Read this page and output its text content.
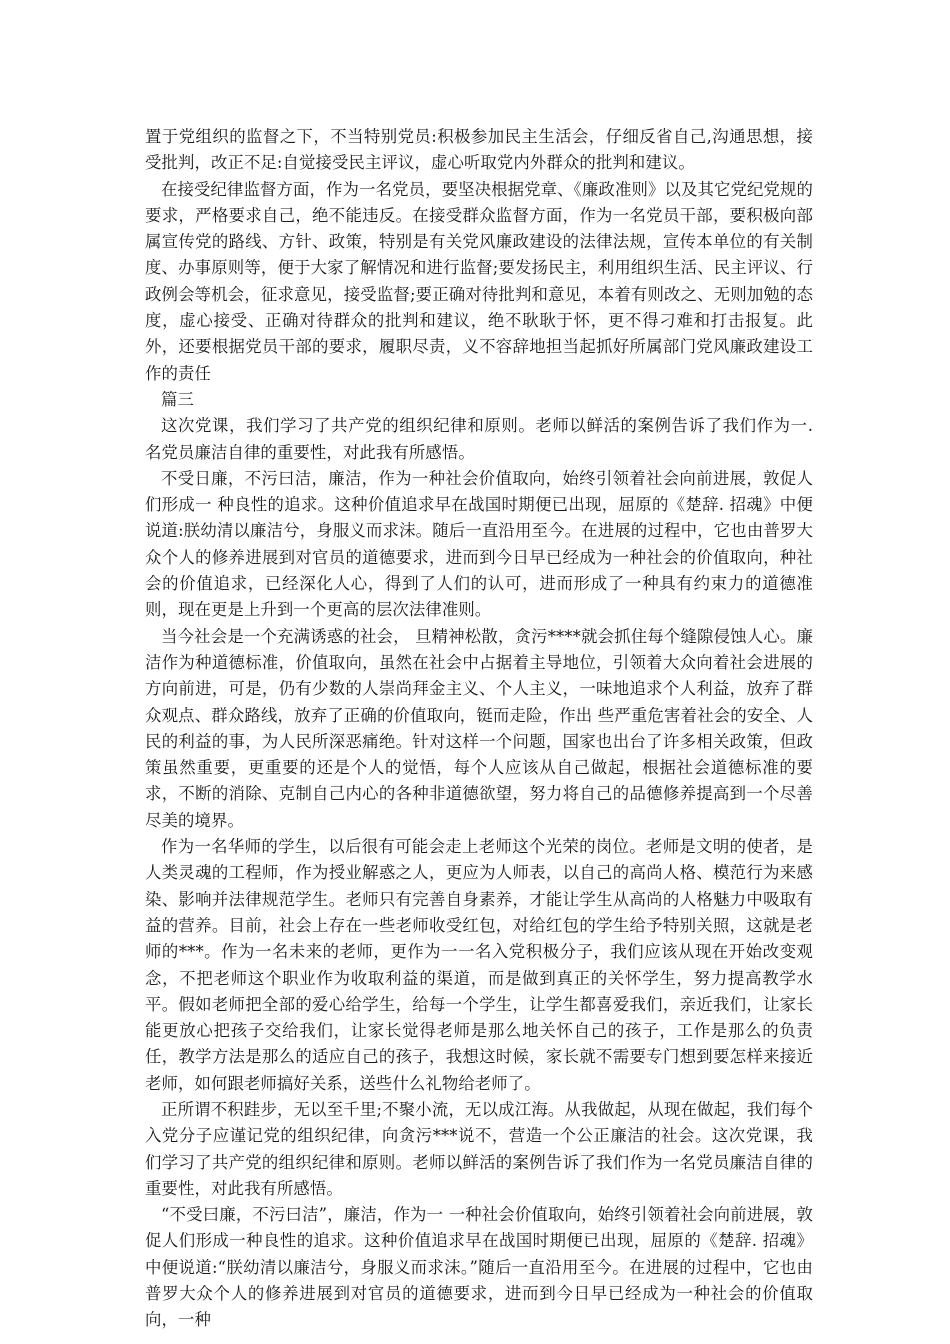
置于党组织的监督之下，不当特别党员:积极参加民主生活会，仔细反省自己,沟通思想，接受批判，改正不足:自觉接受民主评议，虚心听取党内外群众的批判和建议。

在接受纪律监督方面，作为一名党员，要坚决根据党章、《廉政准则》以及其它党纪党规的要求，严格要求自己，绝不能违反。在接受群众监督方面，作为一名党员干部，要积极向部属宣传党的路线、方针、政策，特别是有关党风廉政建设的法律法规，宣传本单位的有关制度、办事原则等，便于大家了解情况和进行监督;要发扬民主，利用组织生活、民主评议、行政例会等机会，征求意见，接受监督;要正确对待批判和意见，本着有则改之、无则加勉的态度，虚心接受、正确对待群众的批判和建议，绝不耿耿于怀，更不得刁难和打击报复。此外，还要根据党员干部的要求，履职尽责，义不容辞地担当起抓好所属部门党风廉政建设工作的责任

篇三

这次党课，我们学习了共产党的组织纪律和原则。老师以鲜活的案例告诉了我们作为一. 名党员廉洁自律的重要性，对此我有所感悟。

不受日廉，不污曰洁，廉洁，作为一种社会价值取向，始终引领着社会向前进展，敦促人们形成一 种良性的追求。这种价值追求早在战国时期便已出现，屈原的《楚辞. 招魂》中便说道:朕幼清以廉洁兮，身服义而求沫。随后一直沿用至今。在进展的过程中，它也由普罗大众个人的修养进展到对官员的道德要求，进而到今日早已经成为一种社会的价值取向，种社会的价值追求，已经深化人心，得到了人们的认可，进而形成了一种具有约束力的道德准则，现在更是上升到一个更高的层次法律准则。

当今社会是一个充满诱惑的社会， 旦精神松散，贪污****就会抓住每个缝隙侵蚀人心。廉洁作为种道德标准，价值取向，虽然在社会中占据着主导地位，引领着大众向着社会进展的方向前进，可是，仍有少数的人崇尚拜金主义、个人主义，一味地追求个人利益，放弃了群众观点、群众路线，放弃了正确的价值取向，铤而走险，作出 些严重危害着社会的安全、人民的利益的事，为人民所深恶痛绝。针对这样一个问题，国家也出台了许多相关政策，但政策虽然重要，更重要的还是个人的觉悟，每个人应该从自己做起，根据社会道德标准的要求，不断的消除、克制自己内心的各种非道德欲望，努力将自己的品德修养提高到一个尽善尽美的境界。

作为一名华师的学生，以后很有可能会走上老师这个光荣的岗位。老师是文明的使者，是人类灵魂的工程师，作为授业解惑之人，更应为人师表，以自己的高尚人格、模范行为来感染、影响并法律规范学生。老师只有完善自身素养，才能让学生从高尚的人格魅力中吸取有益的营养。目前，社会上存在一些老师收受红包，对给红包的学生给予特别关照，这就是老师的***。作为一名未来的老师，更作为一一名入党积极分子，我们应该从现在开始改变观念，不把老师这个职业作为收取利益的渠道，而是做到真正的关怀学生，努力提高教学水平。假如老师把全部的爱心给学生，给每一个学生，让学生都喜爱我们，亲近我们，让家长能更放心把孩子交给我们，让家长觉得老师是那么地关怀自己的孩子，工作是那么的负责任，教学方法是那么的适应自己的孩子，我想这时候，家长就不需要专门想到要怎样来接近老师，如何跟老师搞好关系，送些什么礼物给老师了。

正所谓不积跬步，无以至千里;不聚小流，无以成江海。从我做起，从现在做起，我们每个入党分子应谨记党的组织纪律，向贪污***说不，营造一个公正廉洁的社会。这次党课，我们学习了共产党的组织纪律和原则。老师以鲜活的案例告诉了我们作为一名党员廉洁自律的重要性，对此我有所感悟。

“不受曰廉，不污曰洁”，廉洁，作为一 一种社会价值取向，始终引领着社会向前进展，敦促人们形成一种良性的追求。这种价值追求早在战国时期便已出现，屈原的《楚辞. 招魂》中便说道:“朕幼清以廉洁兮，身服义而求沫。”随后一直沿用至今。在进展的过程中，它也由普罗大众个人的修养进展到对官员的道德要求，进而到今日早已经成为一种社会的价值取向，一种
